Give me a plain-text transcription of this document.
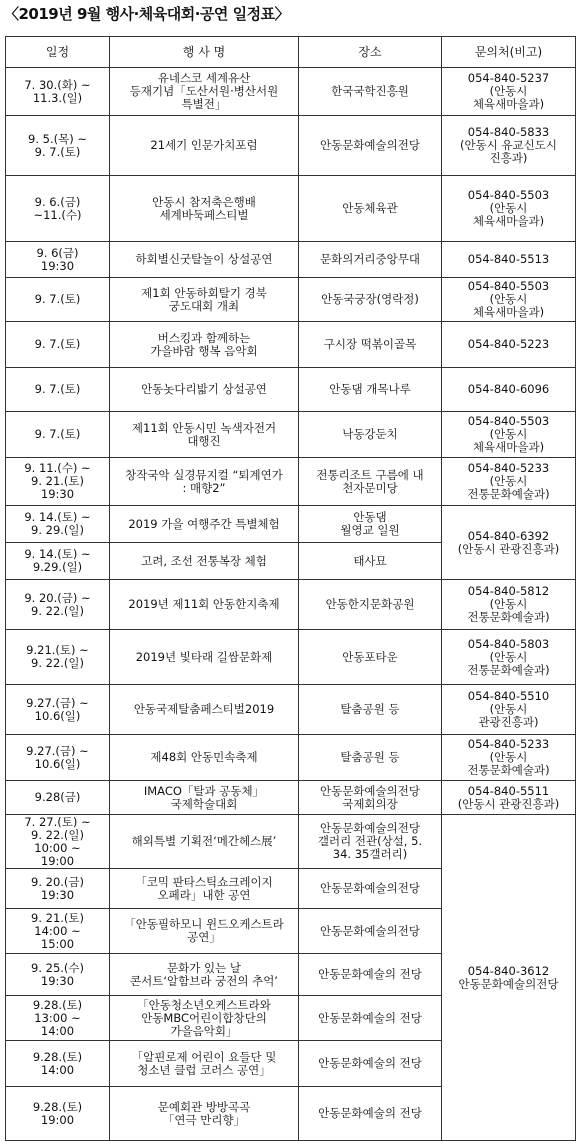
〈2019년 9월 행사·체육대회·공연 일정표〉
일정	행 사 명	장소	문의처(비고)
7. 30.(화) ~
11.3.(일)	유네스코 세계유산
등재기념「도산서원·병산서원
특별전」	한국국학진흥원	054-840-5237
(안동시
체육새마을과)
9. 5.(목) ~
9. 7.(토)	21세기 인문가치포럼	안동문화예술의전당	054-840-5833
(안동시 유교신도시
진흥과)
9. 6.(금)
~11.(수)	안동시 참저축은행배
세계바둑페스티벌	안동체육관	054-840-5503
(안동시
체육새마을과)
9. 6(금)
19:30	하회별신굿탈놀이 상설공연	문화의거리중앙무대	054-840-5513
9. 7.(토)	제1회 안동하회탈기 경북
궁도대회 개최	안동국궁장(영락정)	054-840-5503
(안동시
체육새마을과)
9. 7.(토)	버스킹과 함께하는
가을바람 행복 음악회	구시장 떡볶이골목	054-840-5223
9. 7.(토)	안동놋다리밟기 상설공연	안동댐 개목나루	054-840-6096
9. 7.(토)	제11회 안동시민 녹색자전거
대행진	낙동강둔치	054-840-5503
(안동시
체육새마을과)
9. 11.(수) ~
9. 21.(토)
19:30	창작국악 실경뮤지컬 “퇴계연가
: 매향2”	전통리조트 구름에 내
천자문미당	054-840-5233
(안동시
전통문화예술과)
9. 14.(토) ~
9. 29.(일)	2019 가을 여행주간 특별체험	안동댐
월영교 일원	054-840-6392
(안동시 관광진흥과)
9. 14.(토) ~
9.29.(일)	고려, 조선 전통복장 체험	태사묘	
9. 20.(금) ~
9. 22.(일)	2019년 제11회 안동한지축제	안동한지문화공원	054-840-5812
(안동시
전통문화예술과)
9.21.(토) ~
9. 22.(일)	2019년 빛타래 길쌈문화제	안동포타운	054-840-5803
(안동시
전통문화예술과)
9.27.(금) ~
10.6(일)	안동국제탈춤페스티벌2019	탈춤공원 등	054-840-5510
(안동시
관광진흥과)
9.27.(금) ~
10.6(일)	제48회 안동민속축제	탈춤공원 등	054-840-5233
(안동시
전통문화예술과)
9.28(금)	IMACO「탈과 공동체」
국제학술대회	안동문화예술의전당
국제회의장	054-840-5511
(안동시 관광진흥과)
7. 27.(토) ~
9. 22.(일)
10:00 ~
19:00	해외특별 기획전‘메간헤스展’	안동문화예술의전당
갤러리 전관(상설, 5.
34. 35갤러리)	054-840-3612
안동문화예술의전당
9. 20.(금)
19:30	「코믹 판타스틱쇼크레이지
오페라」내한 공연	안동문화예술의전당	
9. 21.(토)
14:00 ~
15:00	「안동필하모니 윈드오케스트라
공연」	안동문화예술의전당	
9. 25.(수)
19:30	문화가 있는 날
콘서트‘알함브라 궁전의 추억’	안동문화예술의 전당	
9.28.(토)
13:00 ~
14:00	「안동청소년오케스트라와
안동MBC어린이합창단의
가을음악회」	안동문화예술의 전당	
9.28.(토)
14:00	「알핀로제 어린이 요들단 및
청소년 클럽 코러스 공연」	안동문화예술의 전당	
9.28.(토)
19:00	문예회관 방방곡곡
「연극 만리향」	안동문화예술의 전당	
